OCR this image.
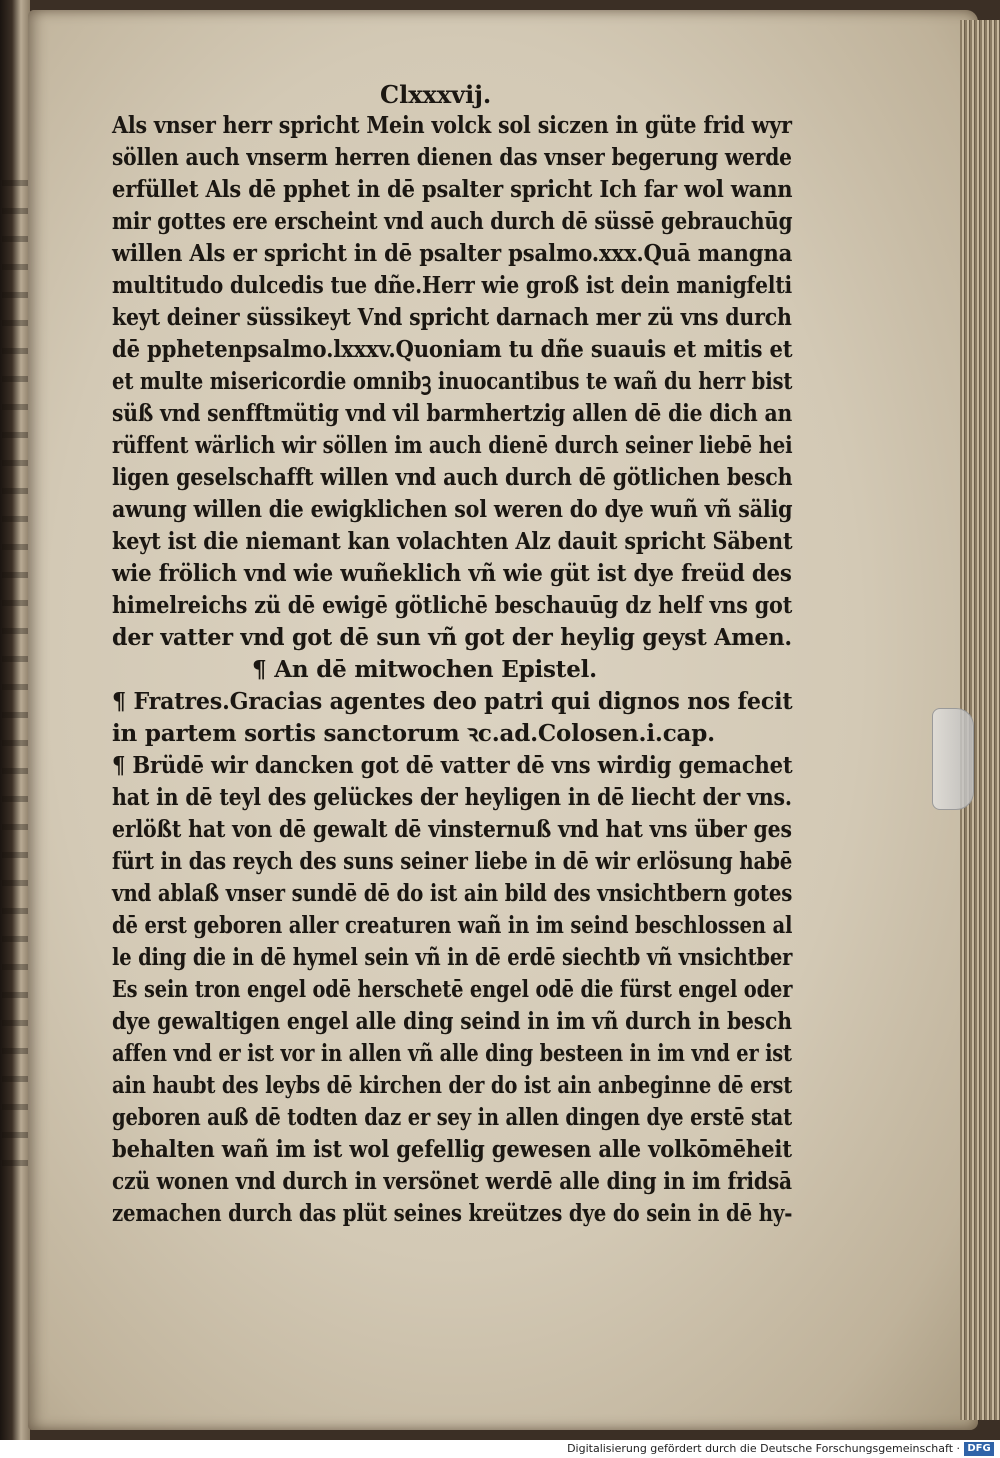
Clxxxvij.
Als vnser herr spricht Mein volck sol siczen in güte frid wyr
söllen auch vnserm herren dienen das vnser begerung werde
erfüllet Als dē pphet in dē psalter spricht Ich far wol wann
mir gottes ere erscheint vnd auch durch dē süssē gebrauchūg
willen Als er spricht in dē psalter psalmo.xxx.Quā mangna
multitudo dulcedis tue dñe.Herr wie groß ist dein manigfelti
keyt deiner süssikeyt Vnd spricht darnach mer zü vns durch
dē pphetenpsalmo.lxxxv.Quoniam tu dñe suauis et mitis et
et multe misericordie omnibꝫ inuocantibus te wañ du herr bist
süß vnd senfftmütig vnd vil barmhertzig allen dē die dich an
rüffent wärlich wir söllen im auch dienē durch seiner liebē hei
ligen geselschafft willen vnd auch durch dē götlichen besch
awung willen die ewigklichen sol weren do dye wuñ vñ sälig
keyt ist die niemant kan volachten Alz dauit spricht Säbent
wie frölich vnd wie wuñeklich vñ wie güt ist dye freüd des
himelreichs zü dē ewigē götlichē beschauūg dz helf vns got
der vatter vnd got dē sun vñ got der heylig geyst Amen.
¶ An dē mitwochen Epistel.
¶ Fratres.Gracias agentes deo patri qui dignos nos fecit
in partem sortis sanctorum ꝛc.ad.Colosen.i.cap.
¶ Brüdē wir dancken got dē vatter dē vns wirdig gemachet
hat in dē teyl des gelückes der heyligen in dē liecht der vns.
erlößt hat von dē gewalt dē vinsternuß vnd hat vns über ges
fürt in das reych des suns seiner liebe in dē wir erlösung habē
vnd ablaß vnser sundē dē do ist ain bild des vnsichtbern gotes
dē erst geboren aller creaturen wañ in im seind beschlossen al
le ding die in dē hymel sein vñ in dē erdē siechtb vñ vnsichtber
Es sein tron engel odē herschetē engel odē die fürst engel oder
dye gewaltigen engel alle ding seind in im vñ durch in besch
affen vnd er ist vor in allen vñ alle ding besteen in im vnd er ist
ain haubt des leybs dē kirchen der do ist ain anbeginne dē erst
geboren auß dē todten daz er sey in allen dingen dye erstē stat
behalten wañ im ist wol gefellig gewesen alle volkōmēheit
czü wonen vnd durch in versönet werdē alle ding in im fridsā
zemachen durch das plüt seines kreützes dye do sein in dē hy-
Digitalisierung gefördert durch die Deutsche Forschungsgemeinschaft · DFG
